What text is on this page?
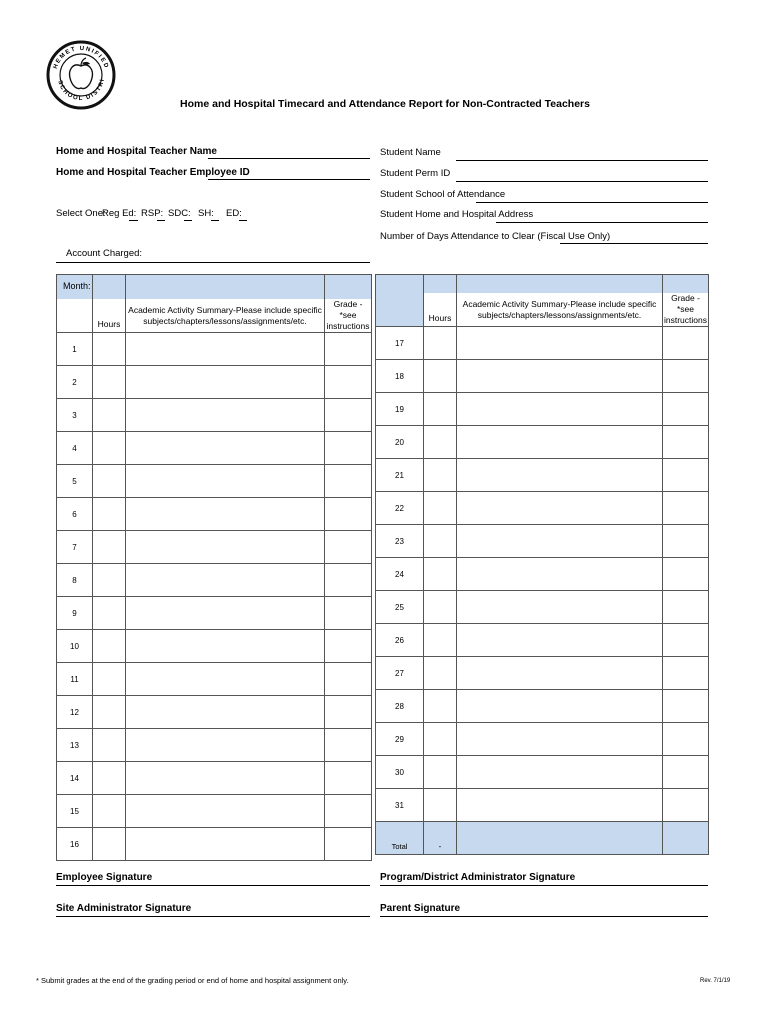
HEMET UNIFIED
SCHOOL DISTRI
Home and Hospital Timecard and Attendance Report for Non-Contracted Teachers
Home and Hospital Teacher Name
Home and Hospital Teacher Employee ID
Select One:
Reg Ed: RSP: SDC: SH: ED:
Account Charged:
Student Name
Student Perm ID
Student School of Attendance
Student Home and Hospital Address
Number of Days Attendance to Clear (Fiscal Use Only)
Month:			
	Hours	Academic Activity Summary-Please include specific
subjects/chapters/lessons/assignments/etc.	Grade - *see
instructions
1			
2			
3			
4			
5			
6			
7			
8			
9			
10			
11			
12			
13			
14			
15			
16			

	Hours	Academic Activity Summary-Please include specific
subjects/chapters/lessons/assignments/etc.	Grade - *see
instructions
17			
18			
19			
20			
21			
22			
23			
24			
25			
26			
27			
28			
29			
30			
31			
Total	-		
Employee Signature	Program/District Administrator Signature
Site Administrator Signature	Parent Signature
* Submit grades at the end of the grading period or end of home and hospital assignment only.	Rev. 7/1/19
